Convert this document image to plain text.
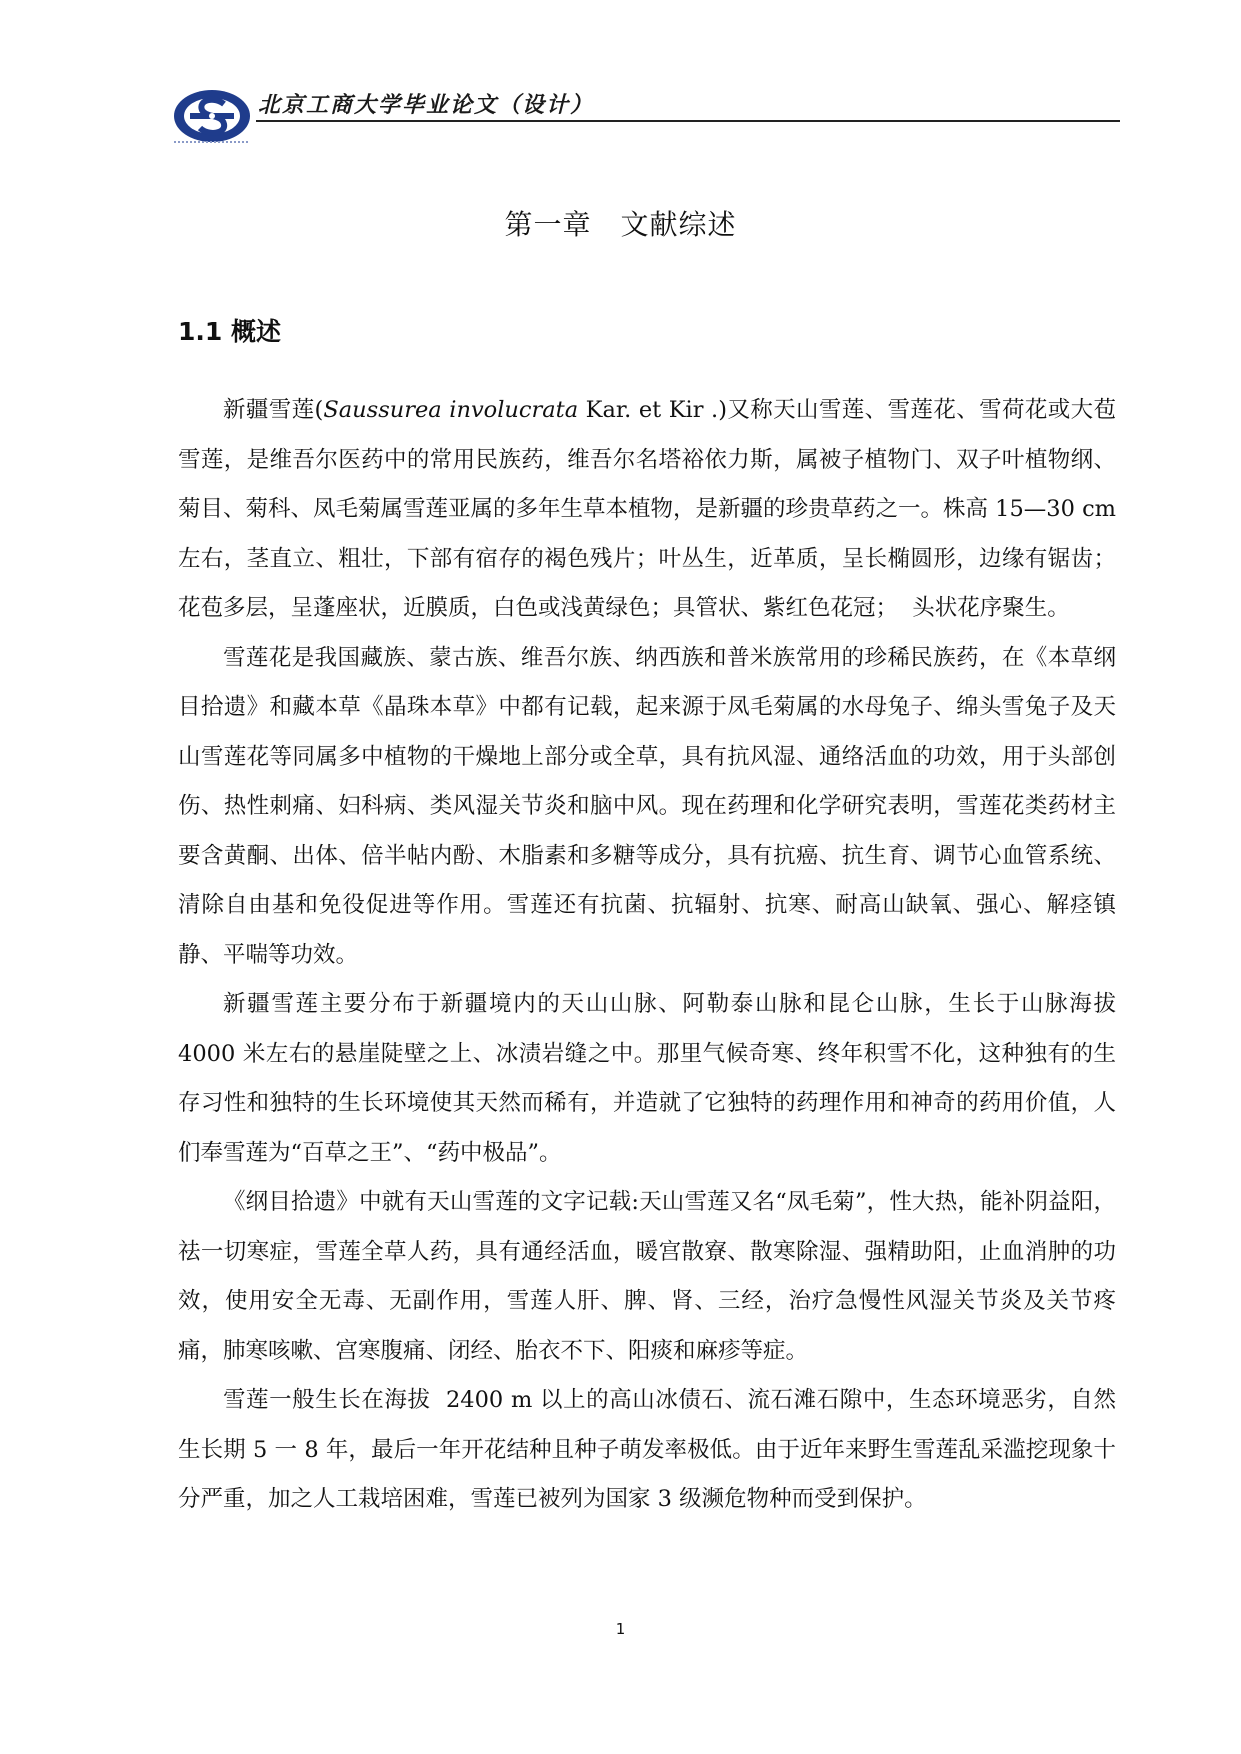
北京工商大学毕业论文（设计）
第一章　文献综述
1.1 概述

新疆雪莲(Saussurea involucrata Kar. et Kir .)又称天山雪莲、雪莲花、雪荷花或大苞雪莲，是维吾尔医药中的常用民族药，维吾尔名塔裕依力斯，属被子植物门、双子叶植物纲、菊目、菊科、凤毛菊属雪莲亚属的多年生草本植物，是新疆的珍贵草药之一。株高 15—30 cm 左右，茎直立、粗壮，下部有宿存的褐色残片；叶丛生，近革质，呈长椭圆形，边缘有锯齿；花苞多层，呈蓬座状，近膜质，白色或浅黄绿色；具管状、紫红色花冠；  头状花序聚生。

雪莲花是我国藏族、蒙古族、维吾尔族、纳西族和普米族常用的珍稀民族药，在《本草纲目拾遗》和藏本草《晶珠本草》中都有记载，起来源于凤毛菊属的水母兔子、绵头雪兔子及天山雪莲花等同属多中植物的干燥地上部分或全草，具有抗风湿、通络活血的功效，用于头部创伤、热性刺痛、妇科病、类风湿关节炎和脑中风。现在药理和化学研究表明，雪莲花类药材主要含黄酮、出体、倍半帖内酚、木脂素和多糖等成分，具有抗癌、抗生育、调节心血管系统、清除自由基和免役促进等作用。雪莲还有抗菌、抗辐射、抗寒、耐高山缺氧、强心、解痉镇静、平喘等功效。

新疆雪莲主要分布于新疆境内的天山山脉、阿勒泰山脉和昆仑山脉，生长于山脉海拔 4000 米左右的悬崖陡壁之上、冰渍岩缝之中。那里气候奇寒、终年积雪不化，这种独有的生存习性和独特的生长环境使其天然而稀有，并造就了它独特的药理作用和神奇的药用价值，人们奉雪莲为“百草之王”、“药中极品”。

《纲目拾遗》中就有天山雪莲的文字记载:天山雪莲又名“凤毛菊”，性大热，能补阴益阳，祛一切寒症，雪莲全草人药，具有通经活血，暖宫散寮、散寒除湿、强精助阳，止血消肿的功效，使用安全无毒、无副作用，雪莲人肝、脾、肾、三经，治疗急慢性风湿关节炎及关节疼痛，肺寒咳嗽、宫寒腹痛、闭经、胎衣不下、阳痰和麻疹等症。

雪莲一般生长在海拔  2400 m 以上的高山冰债石、流石滩石隙中，生态环境恶劣，自然生长期 5 一 8 年，最后一年开花结种且种子萌发率极低。由于近年来野生雪莲乱采滥挖现象十分严重，加之人工栽培困难，雪莲已被列为国家 3 级濒危物种而受到保护。

1
